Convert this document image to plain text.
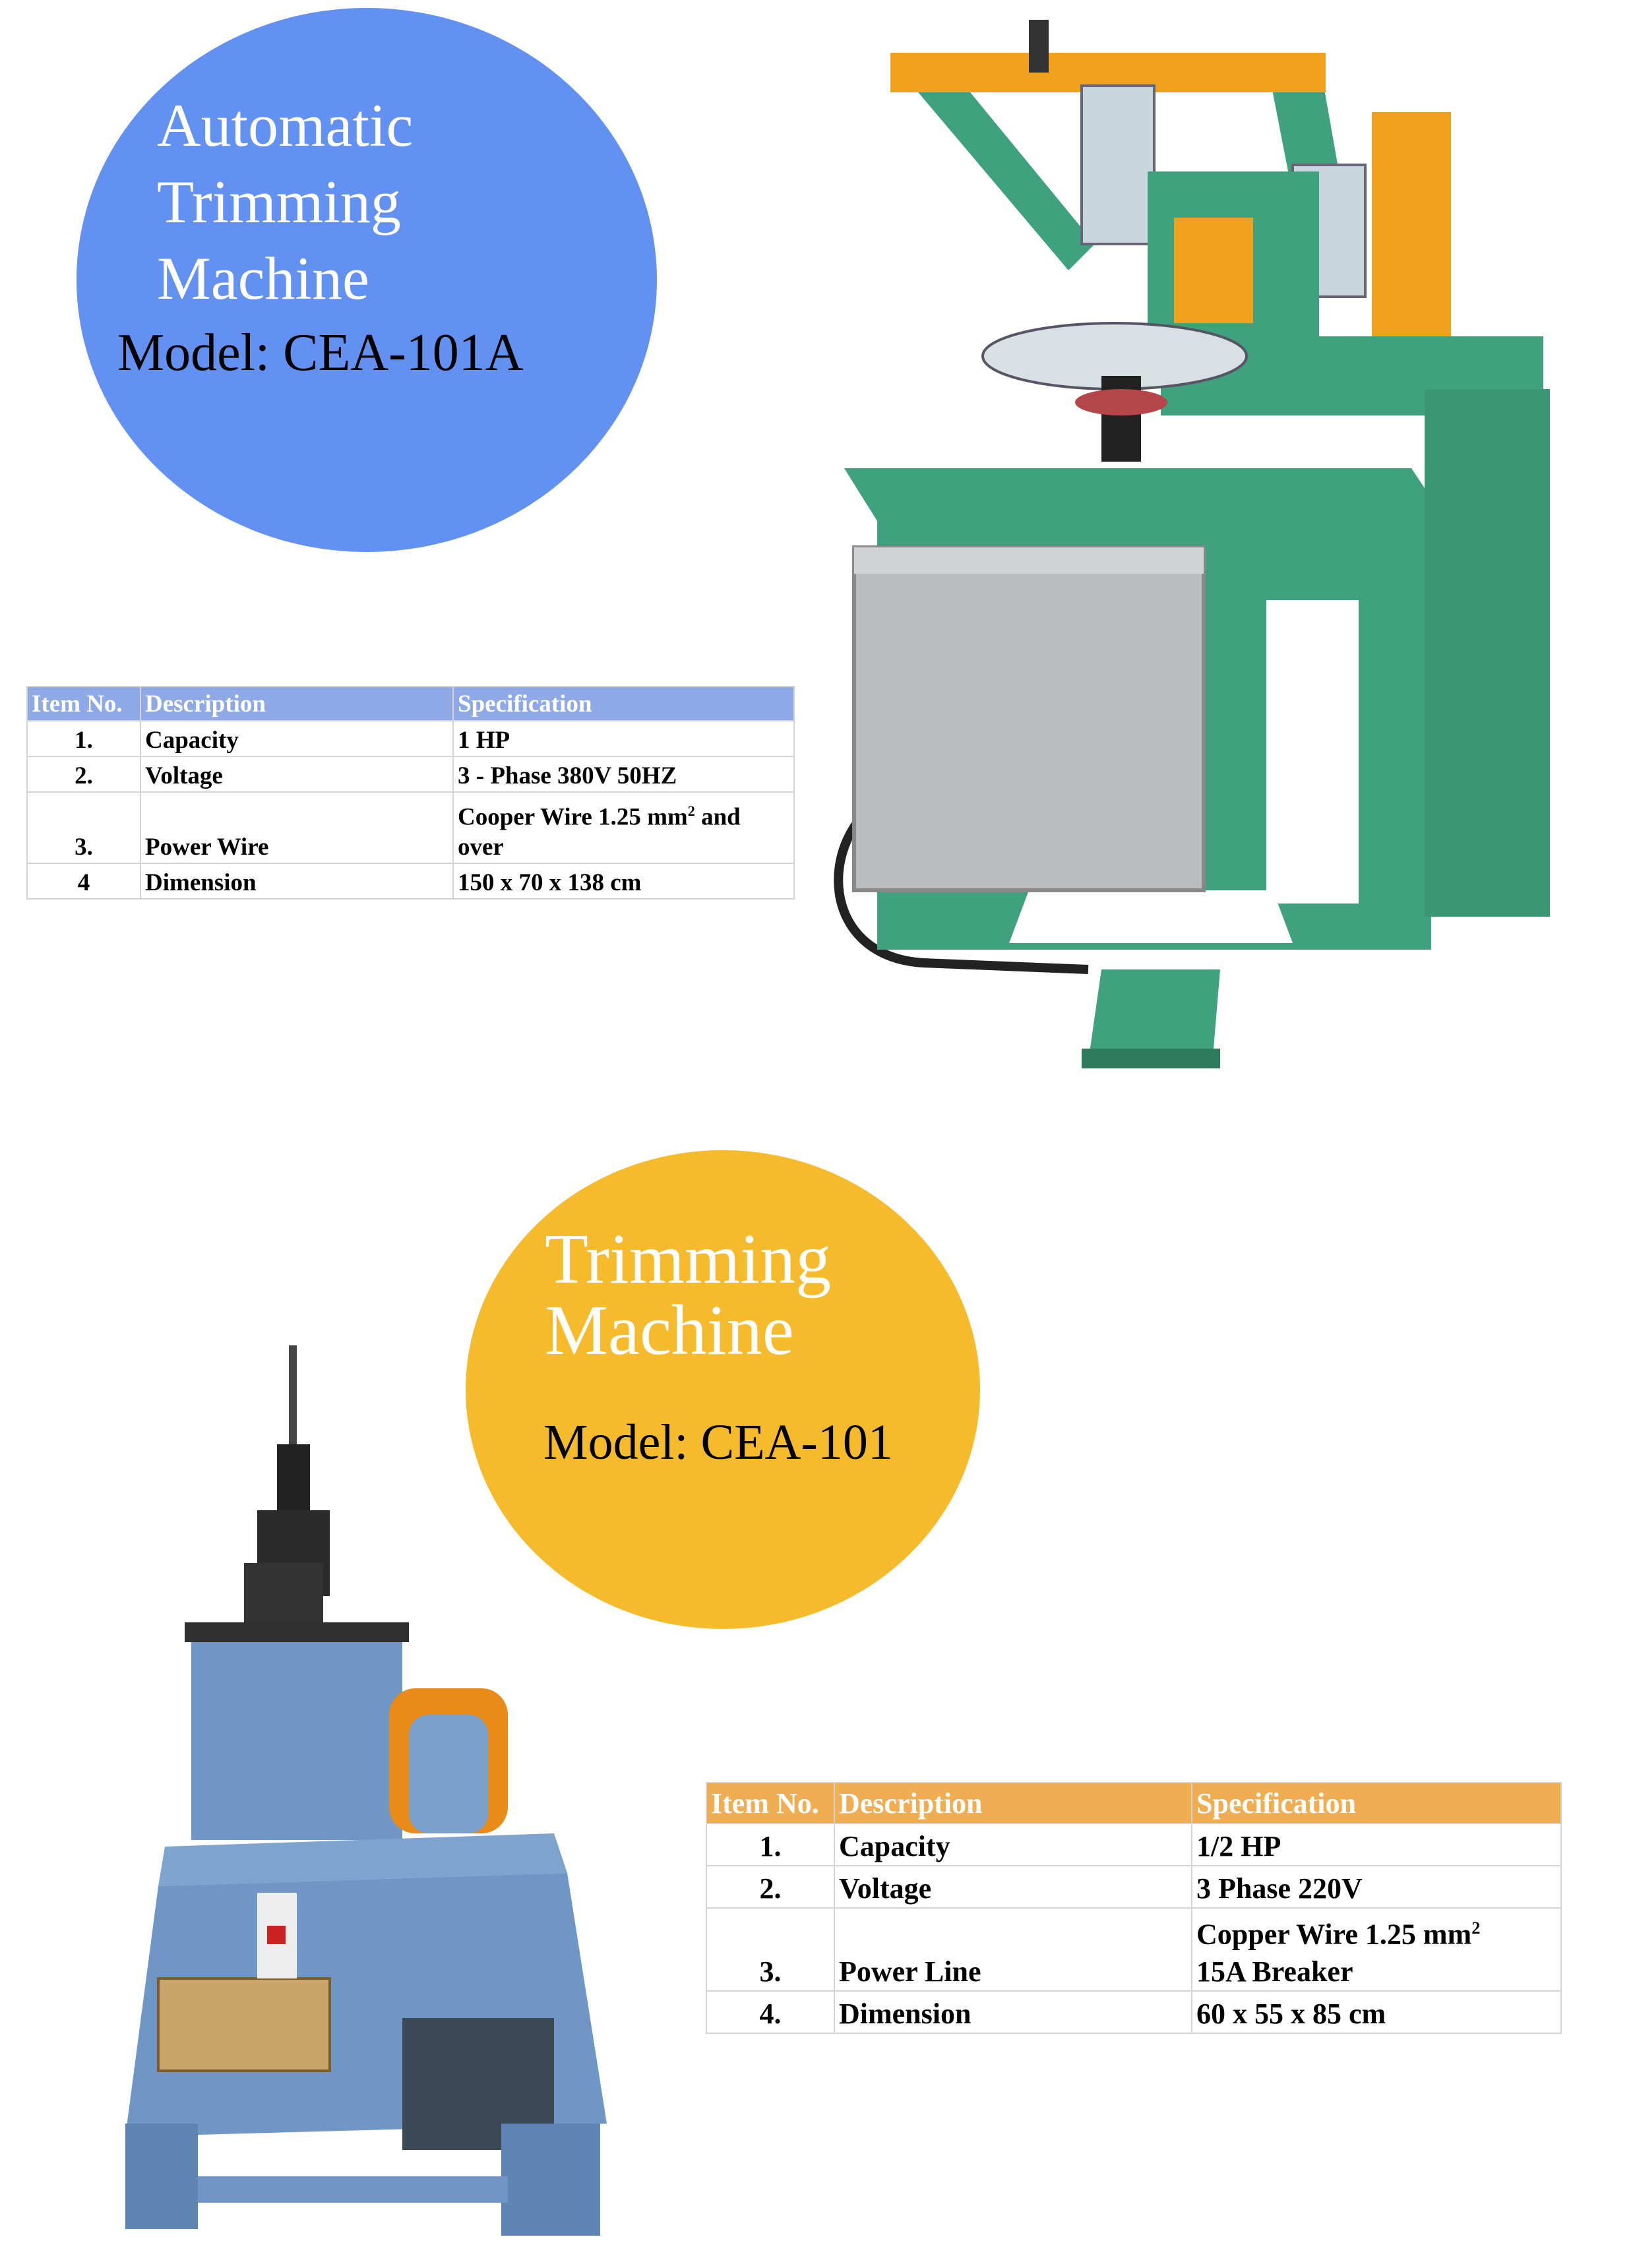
Automatic
Trimming
Machine
Model: CEA-101A
Item No.	Description	Specification
1.	Capacity	1 HP
2.	Voltage	3 - Phase 380V 50HZ
3.	Power Wire	Cooper Wire 1.25 $mm^2$ and
over
4	Dimension	150 x 70 x 138 cm
Trimming
Machine
Model: CEA-101
Item No.	Description	Specification
1.	Capacity	1/2 HP
2.	Voltage	3 Phase 220V
3.	Power Line	Copper Wire 1.25 $mm^2$
15A Breaker
4.	Dimension	60 x 55 x 85 cm
